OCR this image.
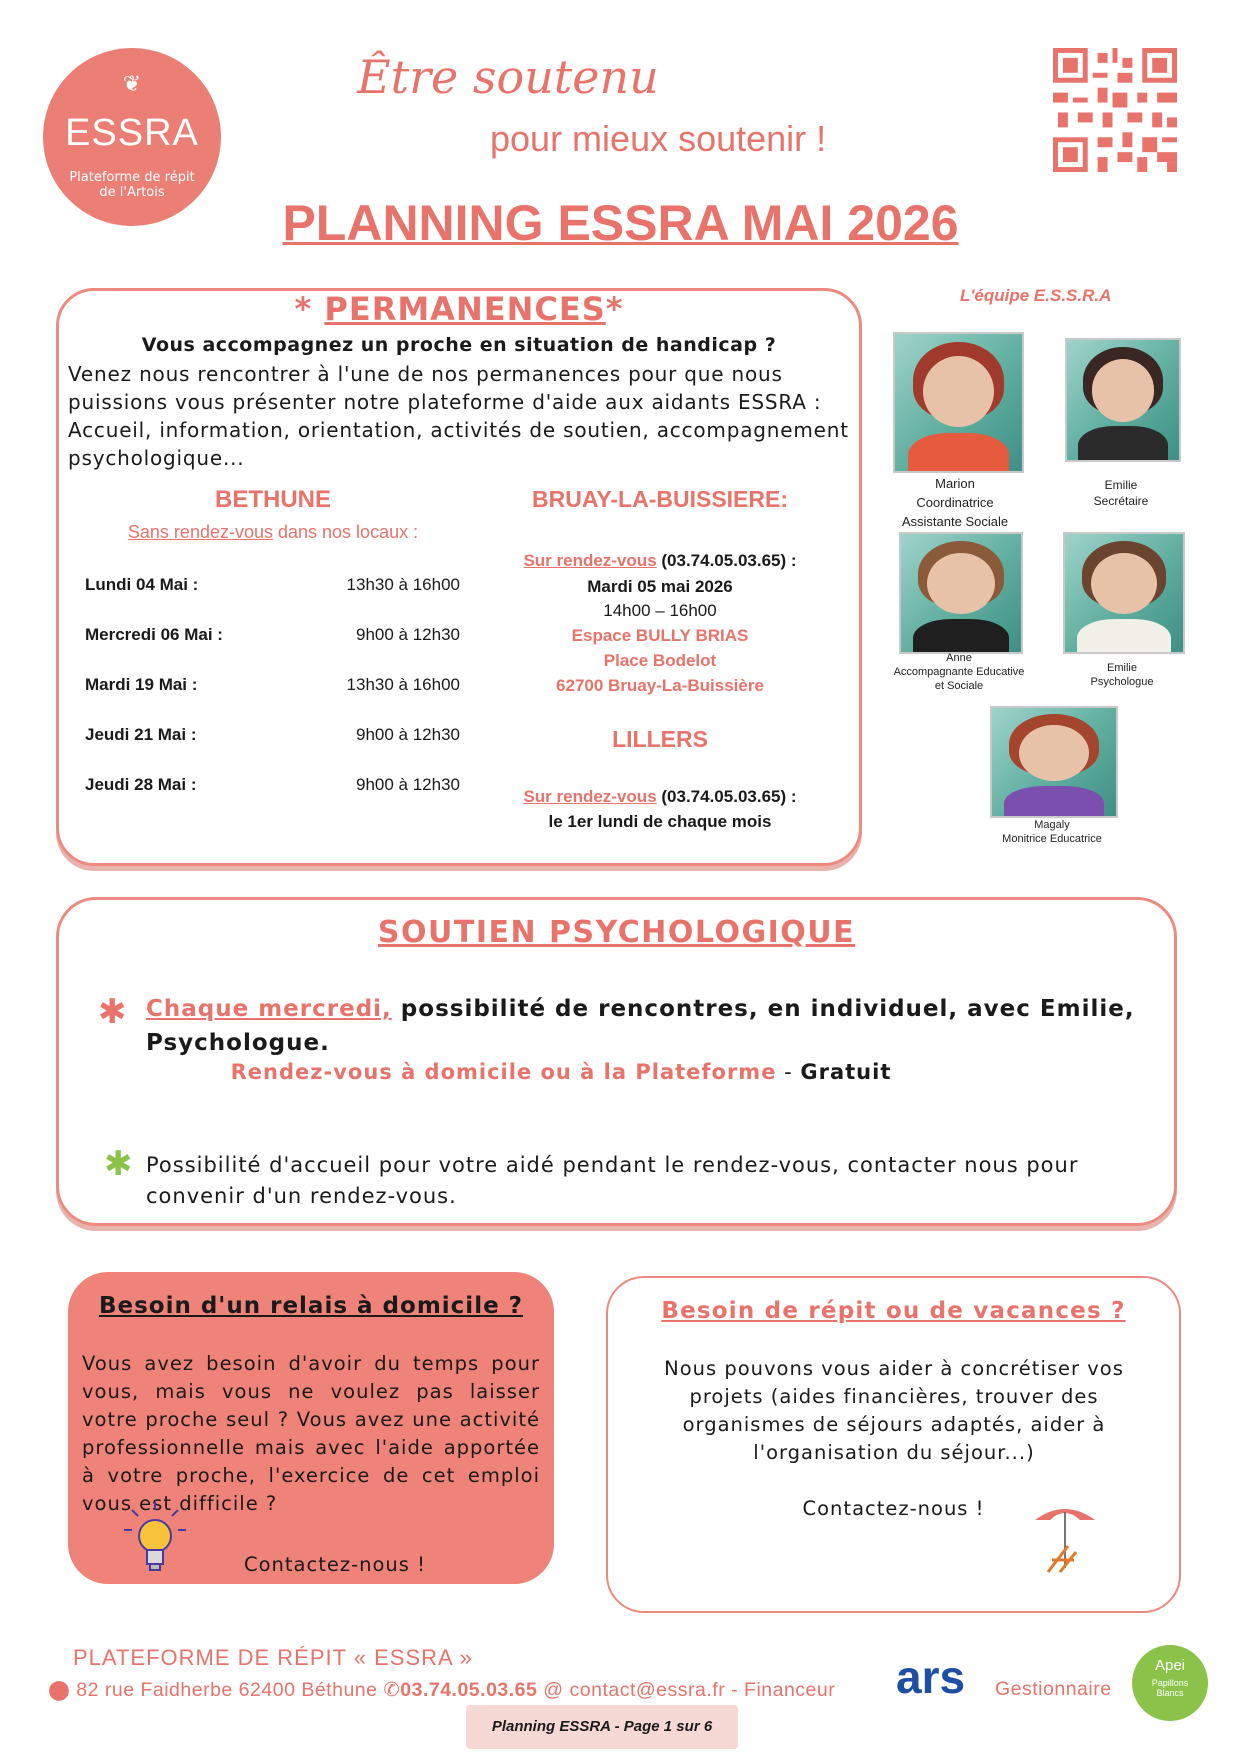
❦
ESSRA
Plateforme de répit de l'Artois
Être soutenu
pour mieux soutenir !
PLANNING ESSRA MAI 2026
* PERMANENCES*
Vous accompagnez un proche en situation de handicap ?
Venez nous rencontrer à l'une de nos permanences pour que nous puissions vous présenter notre plateforme d'aide aux aidants ESSRA : Accueil, information, orientation, activités de soutien, accompagnement psychologique...
BETHUNE
Sans rendez-vous dans nos locaux :
Lundi 04 Mai :	13h30 à 16h00
Mercredi 06 Mai :	9h00 à 12h30
Mardi 19 Mai :	13h30 à 16h00
Jeudi 21 Mai :	9h00 à 12h30
Jeudi 28 Mai :	9h00 à 12h30
BRUAY-LA-BUISSIERE:
Sur rendez-vous (03.74.05.03.65) :
Mardi 05 mai 2026
14h00 – 16h00
Espace BULLY BRIAS
Place Bodelot
62700 Bruay-La-Buissière
LILLERS
Sur rendez-vous (03.74.05.03.65) :
le 1er lundi de chaque mois
L'équipe E.S.S.R.A
Marion
Coordinatrice
Assistante Sociale
Emilie
Secrétaire
Anne
Accompagnante Educative
et Sociale
Emilie
Psychologue
Magaly
Monitrice Educatrice
SOUTIEN PSYCHOLOGIQUE
✱ Chaque mercredi, possibilité de rencontres, en individuel, avec Emilie, Psychologue.
Rendez-vous à domicile ou à la Plateforme - Gratuit
✱ Possibilité d'accueil pour votre aidé pendant le rendez-vous, contacter nous pour convenir d'un rendez-vous.
Besoin d'un relais à domicile ?
Vous avez besoin d'avoir du temps pour vous, mais vous ne voulez pas laisser votre proche seul ? Vous avez une activité professionnelle mais avec l'aide apportée à votre proche, l'exercice de cet emploi vous est difficile ?
Contactez-nous !
Besoin de répit ou de vacances ?
Nous pouvons vous aider à concrétiser vos projets (aides financières, trouver des organismes de séjours adaptés, aider à l'organisation du séjour...)
Contactez-nous !
PLATEFORME DE RÉPIT « ESSRA »
⬤ 82 rue Faidherbe 62400 Béthune ✆03.74.05.03.65 @ contact@essra.fr - Financeur ars	Gestionnaire
Apei
Papillons Blancs
Planning ESSRA - Page 1 sur 6
